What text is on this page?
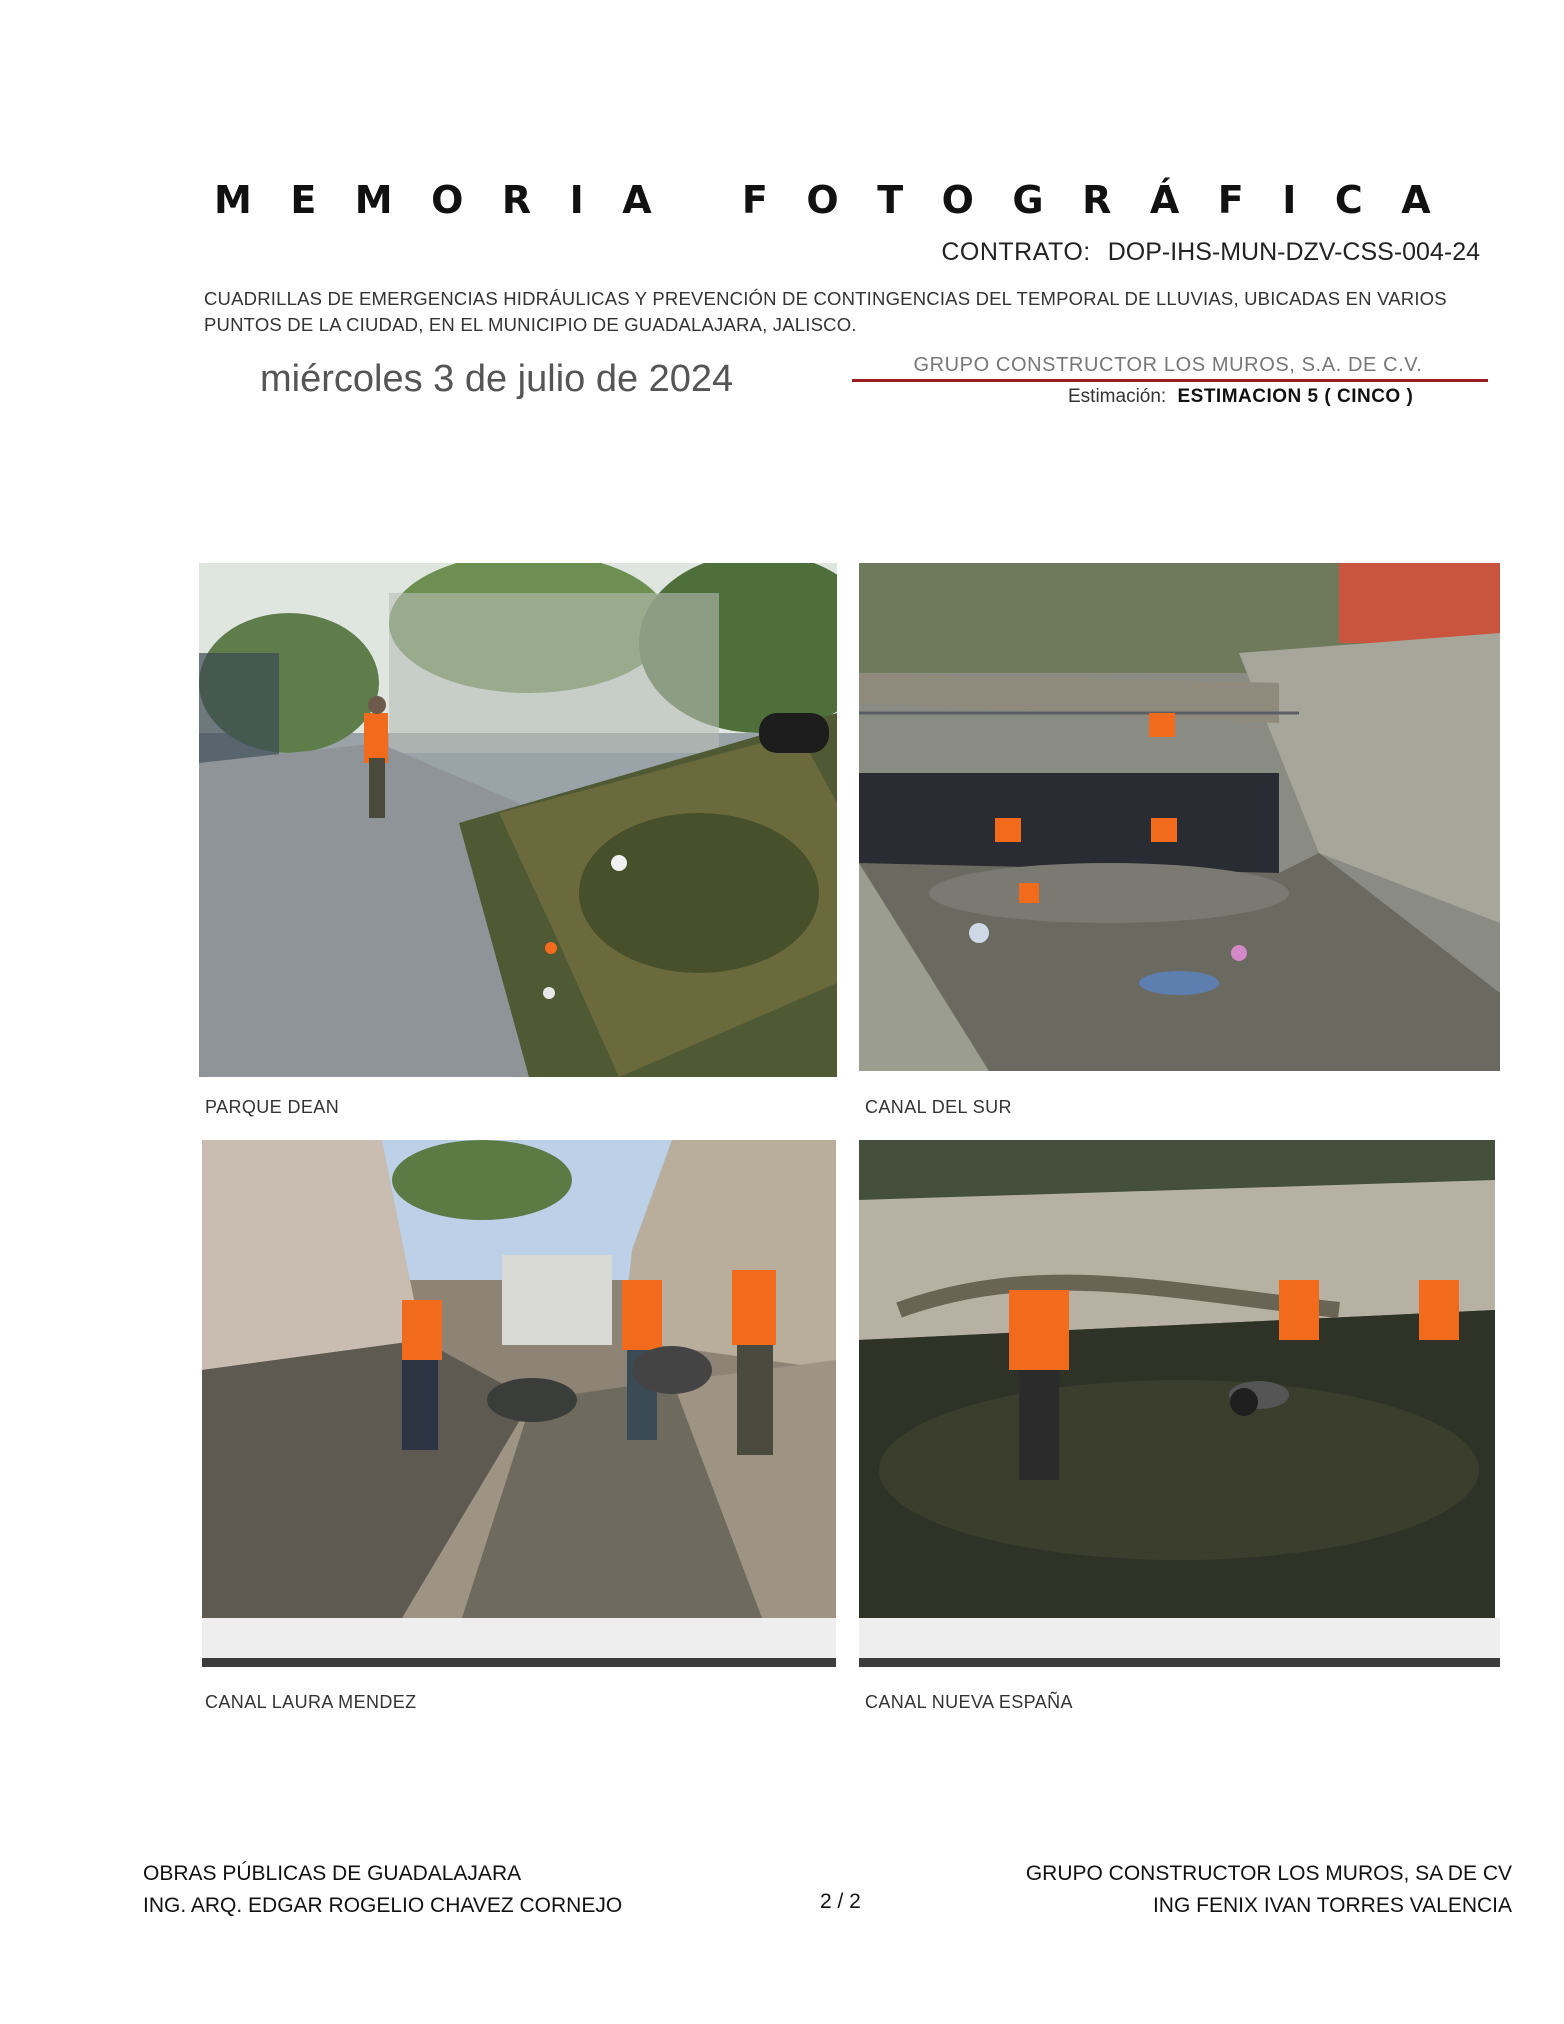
MEMORIA FOTOGRÁFICA
CONTRATO: DOP-IHS-MUN-DZV-CSS-004-24
CUADRILLAS DE EMERGENCIAS HIDRÁULICAS Y PREVENCIÓN DE CONTINGENCIAS DEL TEMPORAL DE LLUVIAS, UBICADAS EN VARIOS PUNTOS DE LA CIUDAD, EN EL MUNICIPIO DE GUADALAJARA, JALISCO.
miércoles 3 de julio de 2024	GRUPO CONSTRUCTOR LOS MUROS, S.A. DE C.V.
Estimación: ESTIMACION 5 ( CINCO )
PARQUE DEAN	CANAL DEL SUR
CANAL LAURA MENDEZ	CANAL NUEVA ESPAÑA
OBRAS PÚBLICAS DE GUADALAJARA
ING. ARQ. EDGAR ROGELIO CHAVEZ CORNEJO	2 / 2
GRUPO CONSTRUCTOR LOS MUROS, SA DE CV
ING FENIX IVAN TORRES VALENCIA
